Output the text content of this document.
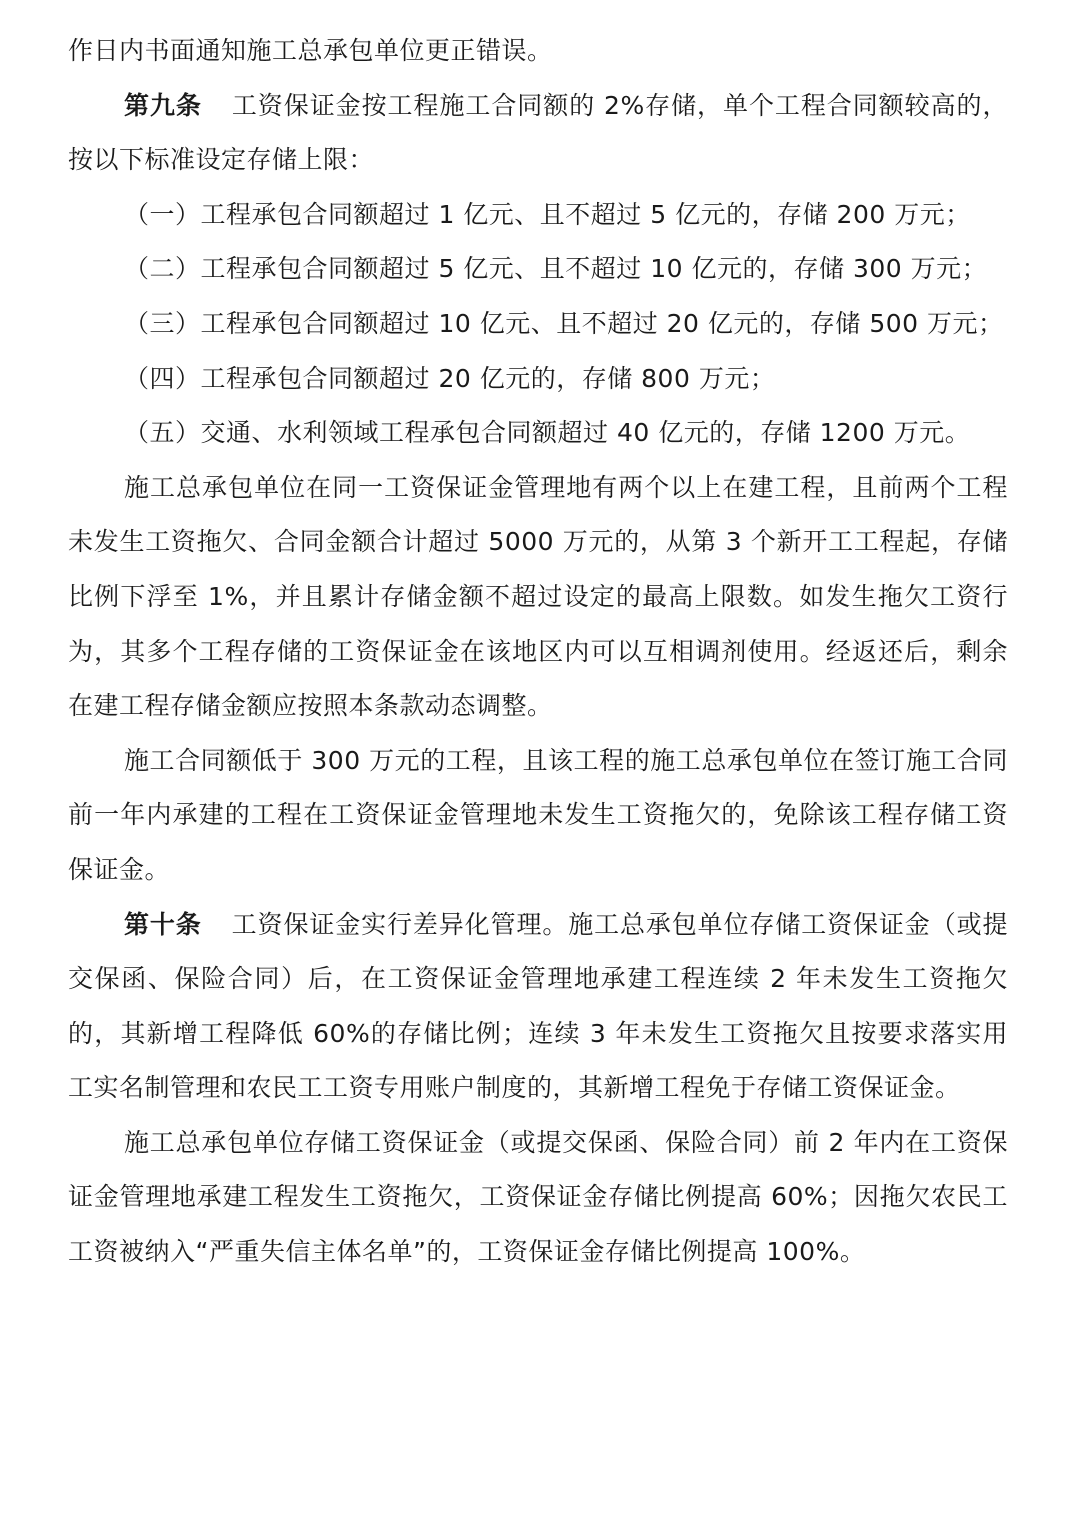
作日内书面通知施工总承包单位更正错误。

第九条 工资保证金按工程施工合同额的 2%存储，单个工程合同额较高的，按以下标准设定存储上限：

（一）工程承包合同额超过 1 亿元、且不超过 5 亿元的，存储 200 万元；

（二）工程承包合同额超过 5 亿元、且不超过 10 亿元的，存储 300 万元；

（三）工程承包合同额超过 10 亿元、且不超过 20 亿元的，存储 500 万元；

（四）工程承包合同额超过 20 亿元的，存储 800 万元；

（五）交通、水利领域工程承包合同额超过 40 亿元的，存储 1200 万元。

施工总承包单位在同一工资保证金管理地有两个以上在建工程，且前两个工程未发生工资拖欠、合同金额合计超过 5000 万元的，从第 3 个新开工工程起，存储比例下浮至 1%，并且累计存储金额不超过设定的最高上限数。如发生拖欠工资行为，其多个工程存储的工资保证金在该地区内可以互相调剂使用。经返还后，剩余在建工程存储金额应按照本条款动态调整。

施工合同额低于 300 万元的工程，且该工程的施工总承包单位在签订施工合同前一年内承建的工程在工资保证金管理地未发生工资拖欠的，免除该工程存储工资保证金。

第十条 工资保证金实行差异化管理。施工总承包单位存储工资保证金（或提交保函、保险合同）后，在工资保证金管理地承建工程连续 2 年未发生工资拖欠的，其新增工程降低 60%的存储比例；连续 3 年未发生工资拖欠且按要求落实用工实名制管理和农民工工资专用账户制度的，其新增工程免于存储工资保证金。

施工总承包单位存储工资保证金（或提交保函、保险合同）前 2 年内在工资保证金管理地承建工程发生工资拖欠，工资保证金存储比例提高 60%；因拖欠农民工工资被纳入“严重失信主体名单”的，工资保证金存储比例提高 100%。
